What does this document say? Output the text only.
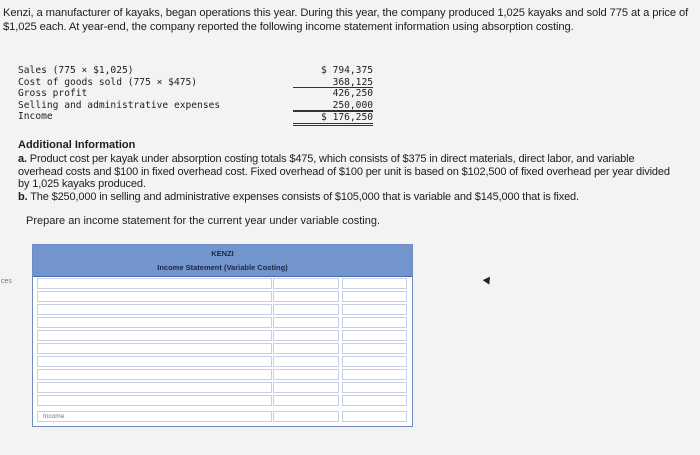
Kenzi, a manufacturer of kayaks, began operations this year. During this year, the company produced 1,025 kayaks and sold 775 at a price of $1,025 each. At year-end, the company reported the following income statement information using absorption costing.
Sales (775 × $1,025)	$ 794,375
Cost of goods sold (775 × $475)	368,125
Gross profit	426,250
Selling and administrative expenses	250,000
Income	$ 176,250
ces
Additional Information

a. Product cost per kayak under absorption costing totals $475, which consists of $375 in direct materials, direct labor, and variable overhead costs and $100 in fixed overhead cost. Fixed overhead of $100 per unit is based on $102,500 of fixed overhead per year divided by 1,025 kayaks produced.

b. The $250,000 in selling and administrative expenses consists of $105,000 that is variable and $145,000 that is fixed.

Prepare an income statement for the current year under variable costing.
KENZI
Income Statement (Variable Costing)
Income
